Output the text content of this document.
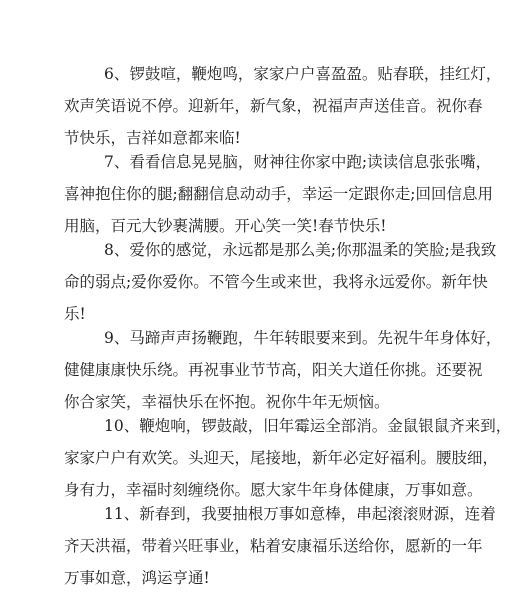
6、锣鼓喧，鞭炮鸣，家家户户喜盈盈。贴春联，挂红灯，
欢声笑语说不停。迎新年，新气象，祝福声声送佳音。祝你春
节快乐，吉祥如意都来临!
7、看看信息晃晃脑，财神往你家中跑;读读信息张张嘴，
喜神抱住你的腿;翻翻信息动动手，幸运一定跟你走;回回信息用
用脑，百元大钞裹满腰。开心笑一笑!春节快乐!
8、爱你的感觉，永远都是那么美;你那温柔的笑脸;是我致
命的弱点;爱你爱你。不管今生或来世，我将永远爱你。新年快
乐!
9、马蹄声声扬鞭跑，牛年转眼要来到。先祝牛年身体好，
健健康康快乐绕。再祝事业节节高，阳关大道任你挑。还要祝
你合家笑，幸福快乐在怀抱。祝你牛年无烦恼。
10、鞭炮响，锣鼓敲，旧年霉运全部消。金鼠银鼠齐来到，
家家户户有欢笑。头迎天，尾接地，新年必定好福利。腰肢细，
身有力，幸福时刻缠绕你。愿大家牛年身体健康，万事如意。
11、新春到，我要抽根万事如意棒，串起滚滚财源，连着
齐天洪福，带着兴旺事业，粘着安康福乐送给你，愿新的一年
万事如意，鸿运亨通!
